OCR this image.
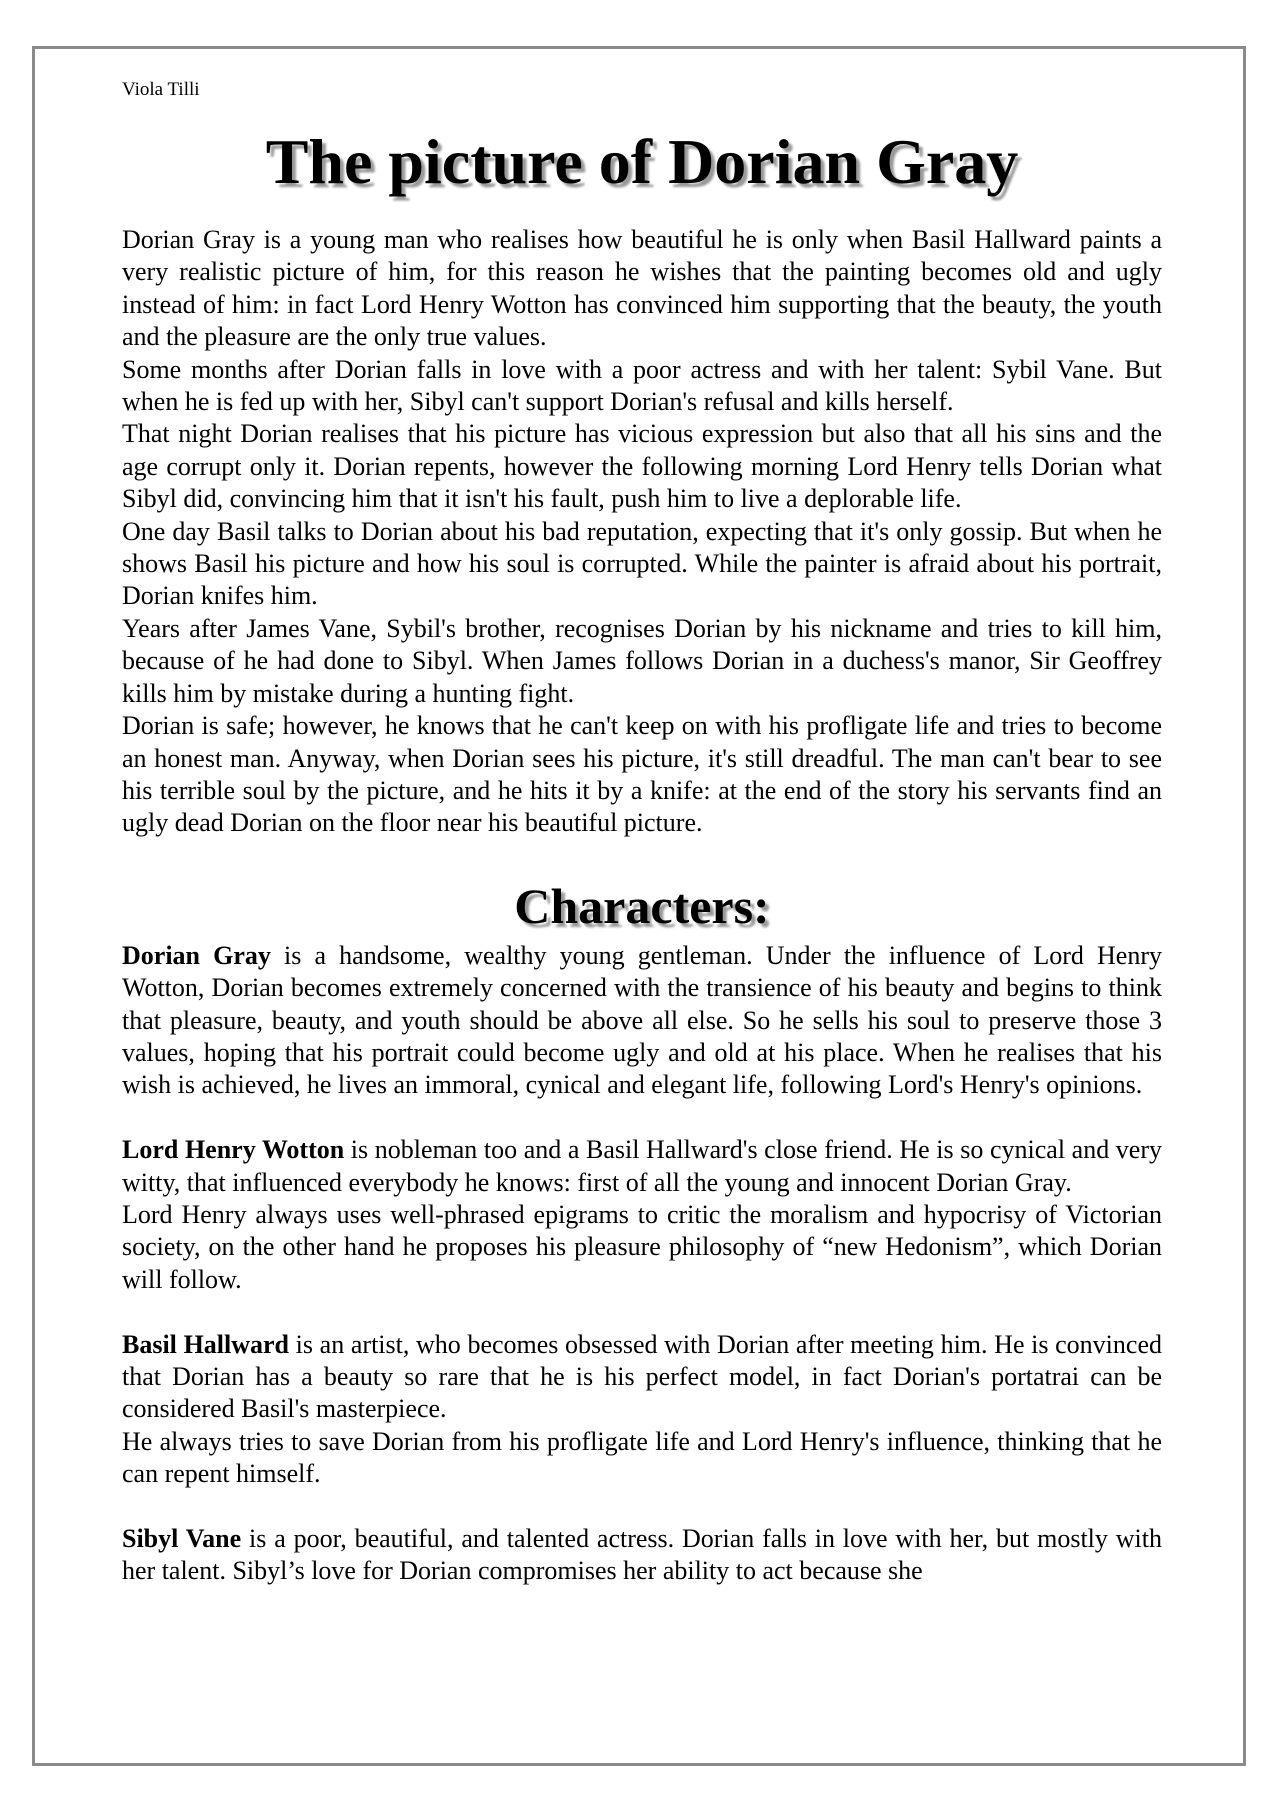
Viola Tilli

The picture of Dorian Gray

Dorian Gray is a young man who realises how beautiful he is only when Basil Hallward paints a very realistic picture of him, for this reason he wishes that the painting becomes old and ugly instead of him: in fact Lord Henry Wotton has convinced him supporting that the beauty, the youth and the pleasure are the only true values.

Some months after Dorian falls in love with a poor actress and with her talent: Sybil Vane. But when he is fed up with her, Sibyl can't support Dorian's refusal and kills herself.

That night Dorian realises that his picture has vicious expression but also that all his sins and the age corrupt only it. Dorian repents, however the following morning Lord Henry tells Dorian what Sibyl did, convincing him that it isn't his fault, push him to live a deplorable life.

One day Basil talks to Dorian about his bad reputation, expecting that it's only gossip. But when he shows Basil his picture and how his soul is corrupted. While the painter is afraid about his portrait, Dorian knifes him.

Years after James Vane, Sybil's brother, recognises Dorian by his nickname and tries to kill him, because of he had done to Sibyl. When James follows Dorian in a duchess's manor, Sir Geoffrey kills him by mistake during a hunting fight.

Dorian is safe; however, he knows that he can't keep on with his profligate life and tries to become an honest man. Anyway, when Dorian sees his picture, it's still dreadful. The man can't bear to see his terrible soul by the picture, and he hits it by a knife: at the end of the story his servants find an ugly dead Dorian on the floor near his beautiful picture.

Characters:

Dorian Gray is a handsome, wealthy young gentleman. Under the influence of Lord Henry Wotton, Dorian becomes extremely concerned with the transience of his beauty and begins to think that pleasure, beauty, and youth should be above all else. So he sells his soul to preserve those 3 values, hoping that his portrait could become ugly and old at his place. When he realises that his wish is achieved, he lives an immoral, cynical and elegant life, following Lord's Henry's opinions.

Lord Henry Wotton is nobleman too and a Basil Hallward's close friend. He is so cynical and very witty, that influenced everybody he knows: first of all the young and innocent Dorian Gray.

Lord Henry always uses well-phrased epigrams to critic the moralism and hypocrisy of Victorian society, on the other hand he proposes his pleasure philosophy of “new Hedonism”, which Dorian will follow.

Basil Hallward is an artist, who becomes obsessed with Dorian after meeting him. He is convinced that Dorian has a beauty so rare that he is his perfect model, in fact Dorian's portatrai can be considered Basil's masterpiece.

He always tries to save Dorian from his profligate life and Lord Henry's influence, thinking that he can repent himself.

Sibyl Vane is a poor, beautiful, and talented actress. Dorian falls in love with her, but mostly with her talent. Sibyl’s love for Dorian compromises her ability to act because she
